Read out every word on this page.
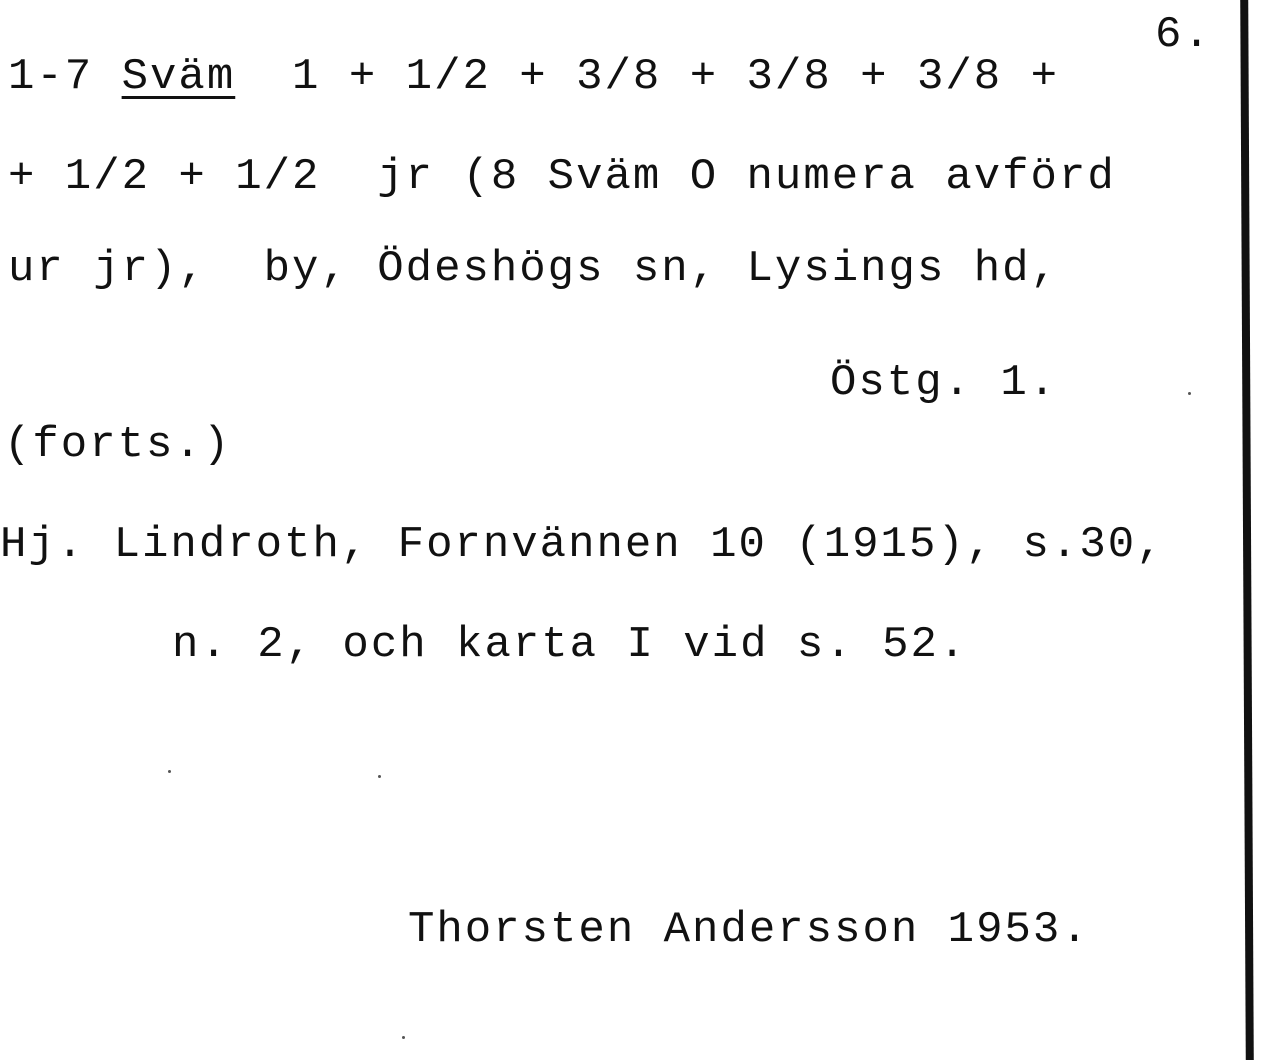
6.
1-7 Sväm  1 + 1/2 + 3/8 + 3/8 + 3/8 +
+ 1/2 + 1/2  jr (8 Sväm O numera avförd
ur jr),  by, Ödeshögs sn, Lysings hd,
Östg. 1.
(forts.)
Hj. Lindroth, Fornvännen 10 (1915), s.30,
n. 2, och karta I vid s. 52.
Thorsten Andersson 1953.
